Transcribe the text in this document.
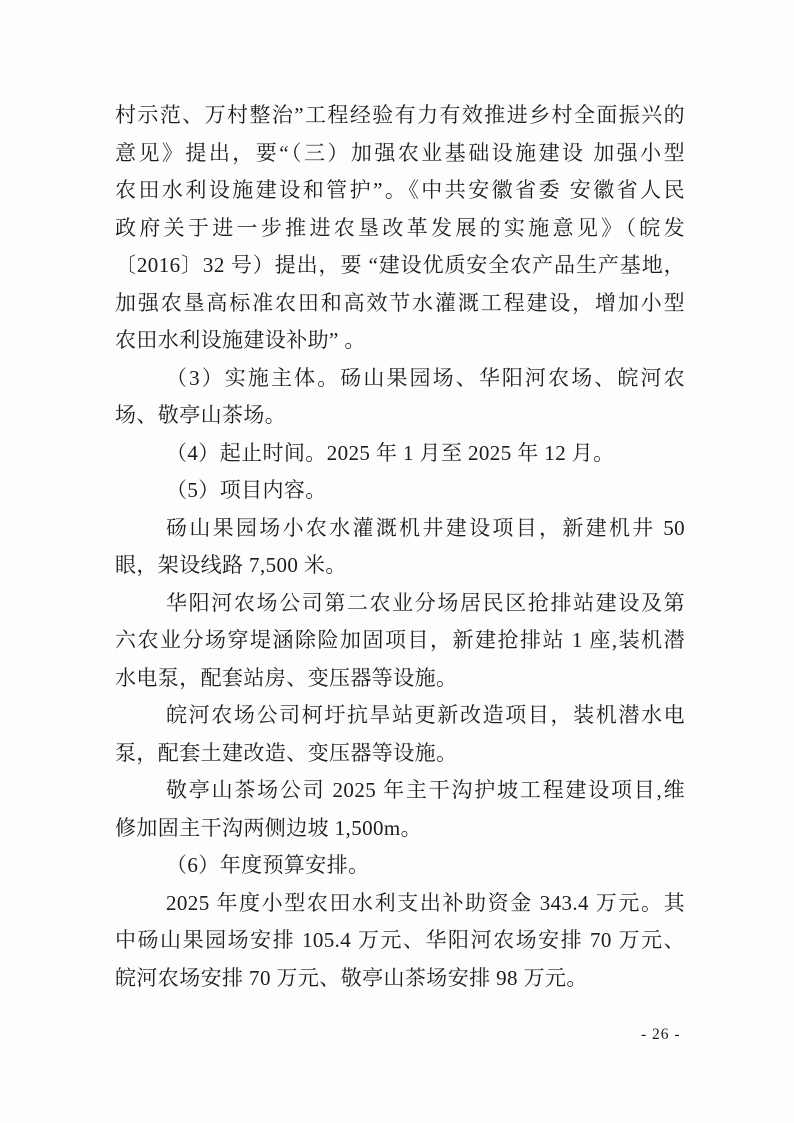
村示范、万村整治”工程经验有力有效推进乡村全面振兴的
意见》提出，要“（三）加强农业基础设施建设 加强小型
农田水利设施建设和管护”。《中共安徽省委 安徽省人民
政府关于进一步推进农垦改革发展的实施意见》（皖发
〔2016〕32 号）提出，要 “建设优质安全农产品生产基地，
加强农垦高标准农田和高效节水灌溉工程建设，增加小型
农田水利设施建设补助” 。
（3）实施主体。砀山果园场、华阳河农场、皖河农
场、敬亭山茶场。
（4）起止时间。2025 年 1 月至 2025 年 12 月。
（5）项目内容。
砀山果园场小农水灌溉机井建设项目，新建机井 50
眼，架设线路 7,500 米。
华阳河农场公司第二农业分场居民区抢排站建设及第
六农业分场穿堤涵除险加固项目，新建抢排站 1 座,装机潜
水电泵，配套站房、变压器等设施。
皖河农场公司柯圩抗旱站更新改造项目，装机潜水电
泵，配套土建改造、变压器等设施。
敬亭山茶场公司 2025 年主干沟护坡工程建设项目,维
修加固主干沟两侧边坡 1,500m。
（6）年度预算安排。
2025 年度小型农田水利支出补助资金 343.4 万元。其
中砀山果园场安排 105.4 万元、华阳河农场安排 70 万元、
皖河农场安排 70 万元、敬亭山茶场安排 98 万元。
- 26 -
